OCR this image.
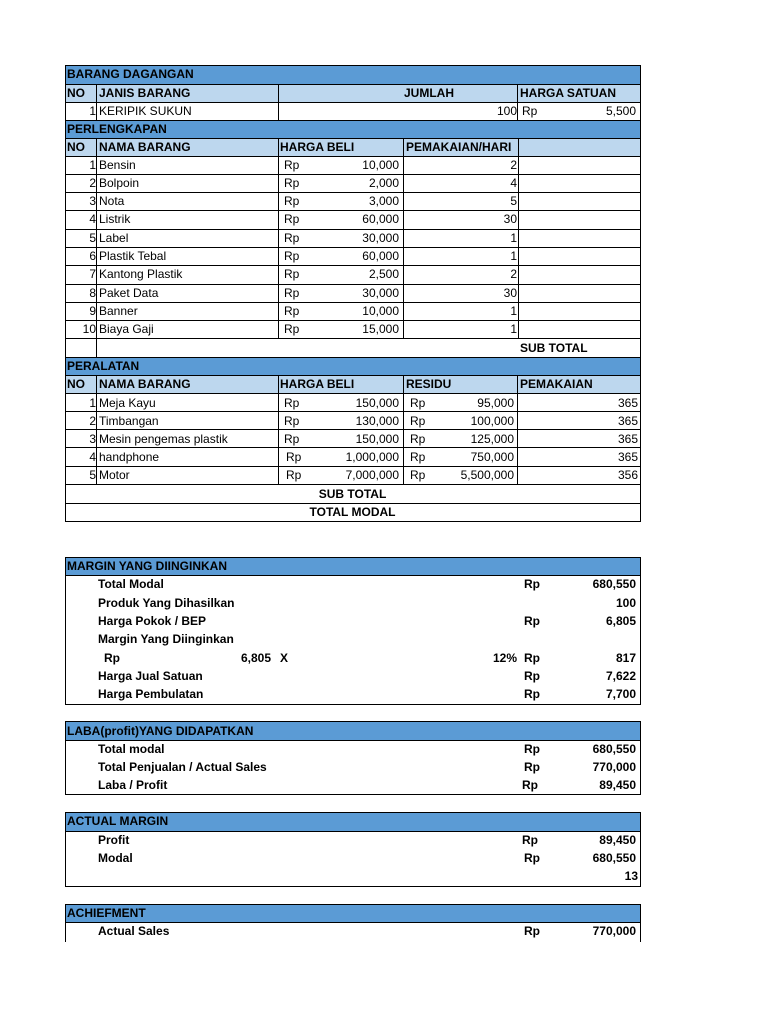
BARANG DAGANGAN
NO JANIS BARANG	JUMLAH	HARGA SATUAN
1 KERIPIK SUKUN	100 Rp	5,500
PERLENGKAPAN
NO NAMA BARANG	HARGA BELI	PEMAKAIAN/HARI
1 Bensin	Rp	10,000	2
2 Bolpoin	Rp	2,000	4
3 Nota	Rp	3,000	5
4 Listrik	Rp	60,000	30
5 Label	Rp	30,000	1
6 Plastik Tebal	Rp	60,000	1
7 Kantong Plastik	Rp	2,500	2
8 Paket Data	Rp	30,000	30
9 Banner	Rp	10,000	1
10 Biaya Gaji	Rp	15,000	1
SUB TOTAL
PERALATAN
NO NAMA BARANG	HARGA BELI	RESIDU	PEMAKAIAN
1 Meja Kayu	Rp	150,000 Rp	95,000	365
2 Timbangan	Rp	130,000 Rp	100,000	365
3 Mesin pengemas plastik	Rp	150,000 Rp	125,000	365
4 handphone	Rp	1,000,000 Rp	750,000	365
5 Motor	Rp	7,000,000 Rp	5,500,000	356
SUB TOTAL
TOTAL MODAL
MARGIN YANG DIINGINKAN
Total Modal	Rp	680,550
Produk Yang Dihasilkan	100
Harga Pokok / BEP	Rp	6,805
Margin Yang Diinginkan
Rp	6,805 X	12% Rp	817
Harga Jual Satuan	Rp	7,622
Harga Pembulatan	Rp	7,700
LABA(profit)YANG DIDAPATKAN
Total modal	Rp	680,550
Total Penjualan / Actual Sales	Rp	770,000
Laba / Profit	Rp	89,450
ACTUAL MARGIN
Profit	Rp	89,450
Modal	Rp	680,550
13
ACHIEFMENT
Actual Sales	Rp	770,000
